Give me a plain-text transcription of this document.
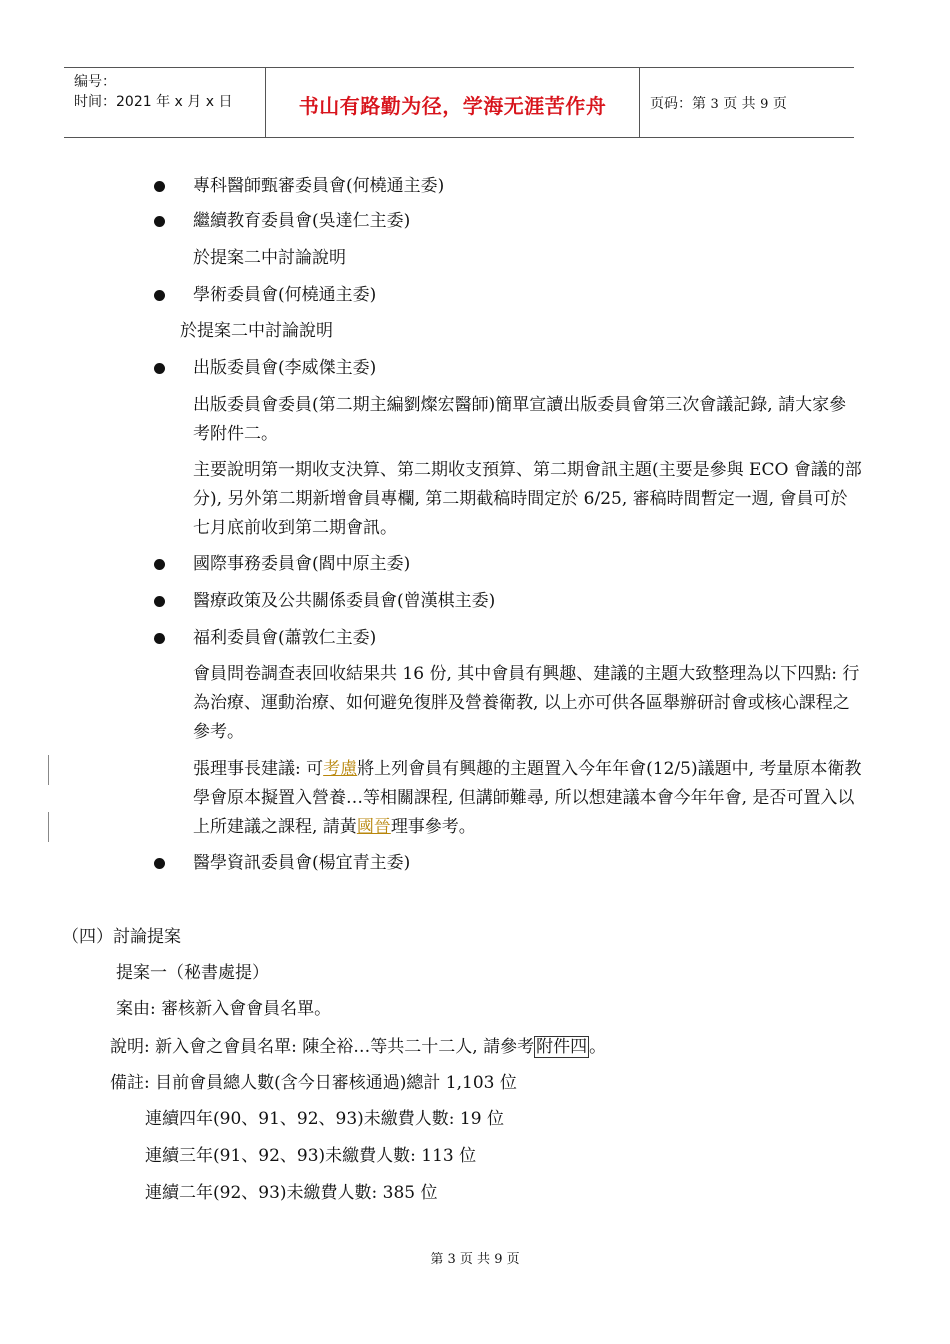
编号：
时间：2021 年 x 月 x 日	书山有路勤为径，学海无涯苦作舟	页码：第 3 页 共 9 页
專科醫師甄審委員會(何橈通主委)
繼續教育委員會(吳達仁主委)
於提案二中討論說明
學術委員會(何橈通主委)
於提案二中討論說明
出版委員會(李威傑主委)
出版委員會委員(第二期主編劉燦宏醫師)簡單宣讀出版委員會第三次會議記錄, 請大家參考附件二。
主要說明第一期收支決算、第二期收支預算、第二期會訊主題(主要是參與 ECO 會議的部分), 另外第二期新增會員專欄, 第二期截稿時間定於 6/25, 審稿時間暫定一週, 會員可於七月底前收到第二期會訊。
國際事務委員會(閻中原主委)
醫療政策及公共關係委員會(曾漢棋主委)
福利委員會(蕭敦仁主委)
會員問卷調查表回收結果共 16 份, 其中會員有興趣、建議的主題大致整理為以下四點: 行為治療、運動治療、如何避免復胖及營養衛教, 以上亦可供各區舉辦研討會或核心課程之參考。
張理事長建議: 可考慮將上列會員有興趣的主題置入今年年會(12/5)議題中, 考量原本衛教學會原本擬置入營養…等相關課程, 但講師難尋, 所以想建議本會今年年會, 是否可置入以上所建議之課程, 請黃國晉理事參考。
醫學資訊委員會(楊宜青主委)
（四）討論提案
提案一（秘書處提）
案由: 審核新入會會員名單。
說明: 新入會之會員名單: 陳全裕…等共二十二人, 請參考 附件四 。
備註: 目前會員總人數(含今日審核通過)總計 1,103 位
連續四年(90、91、92、93)未繳費人數: 19 位
連續三年(91、92、93)未繳費人數: 113 位
連續二年(92、93)未繳費人數: 385 位
第 3 页 共 9 页
